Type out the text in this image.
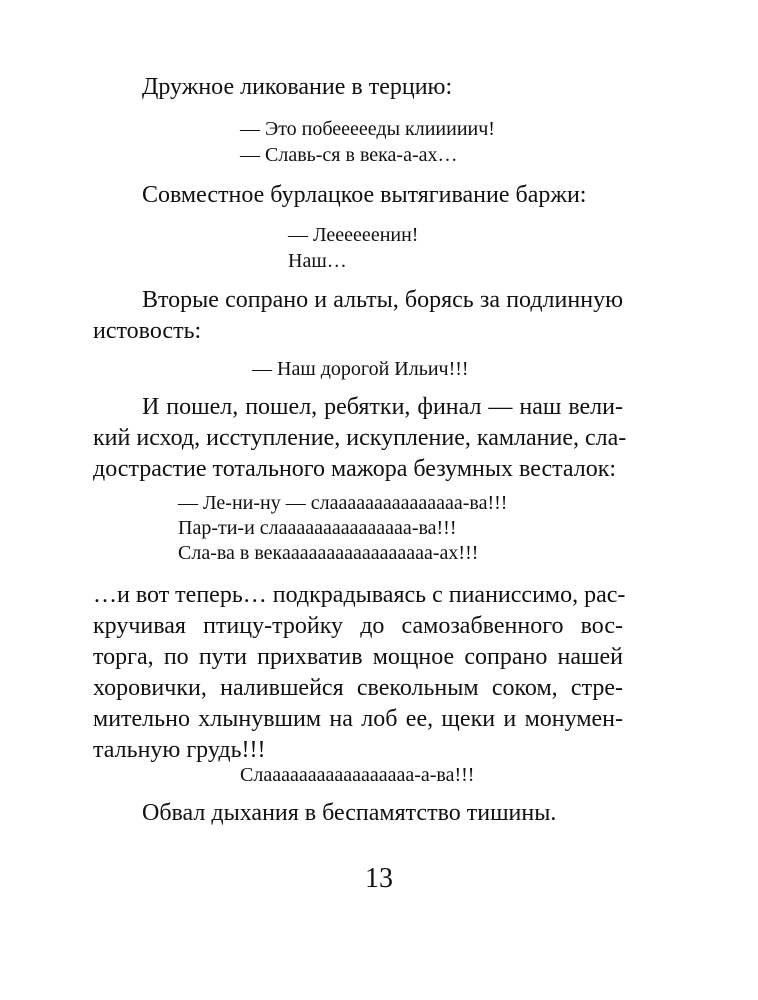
Дружное ликование в терцию:
— Это побеееееды клииииич!
— Славь-ся в века-а-ах…
Совместное бурлацкое вытягивание баржи:
— Леееееенин!
Наш…
Вторые сопрано и альты, борясь за подлинную
истовость:
— Наш дорогой Ильич!!!
И пошел, пошел, ребятки, финал — наш вели-
кий исход, исступление, искупление, камлание, сла-
дострастие тотального мажора безумных весталок:
— Ле-ни-ну — слааааааааааааааа-ва!!!
Пар-ти-и слааааааааааааааа-ва!!!
Сла-ва в векааааааааааааааааа-ах!!!
…и вот теперь… подкрадываясь с пианиссимо, рас-
кручивая птицу-тройку до самозабвенного вос-
торга, по пути прихватив мощное сопрано нашей
хоровички, налившейся свекольным соком, стре-
мительно хлынувшим на лоб ее, щеки и монумен-
тальную грудь!!!
Слааааааааааааааааа-а-ва!!!
Обвал дыхания в беспамятство тишины.
13
